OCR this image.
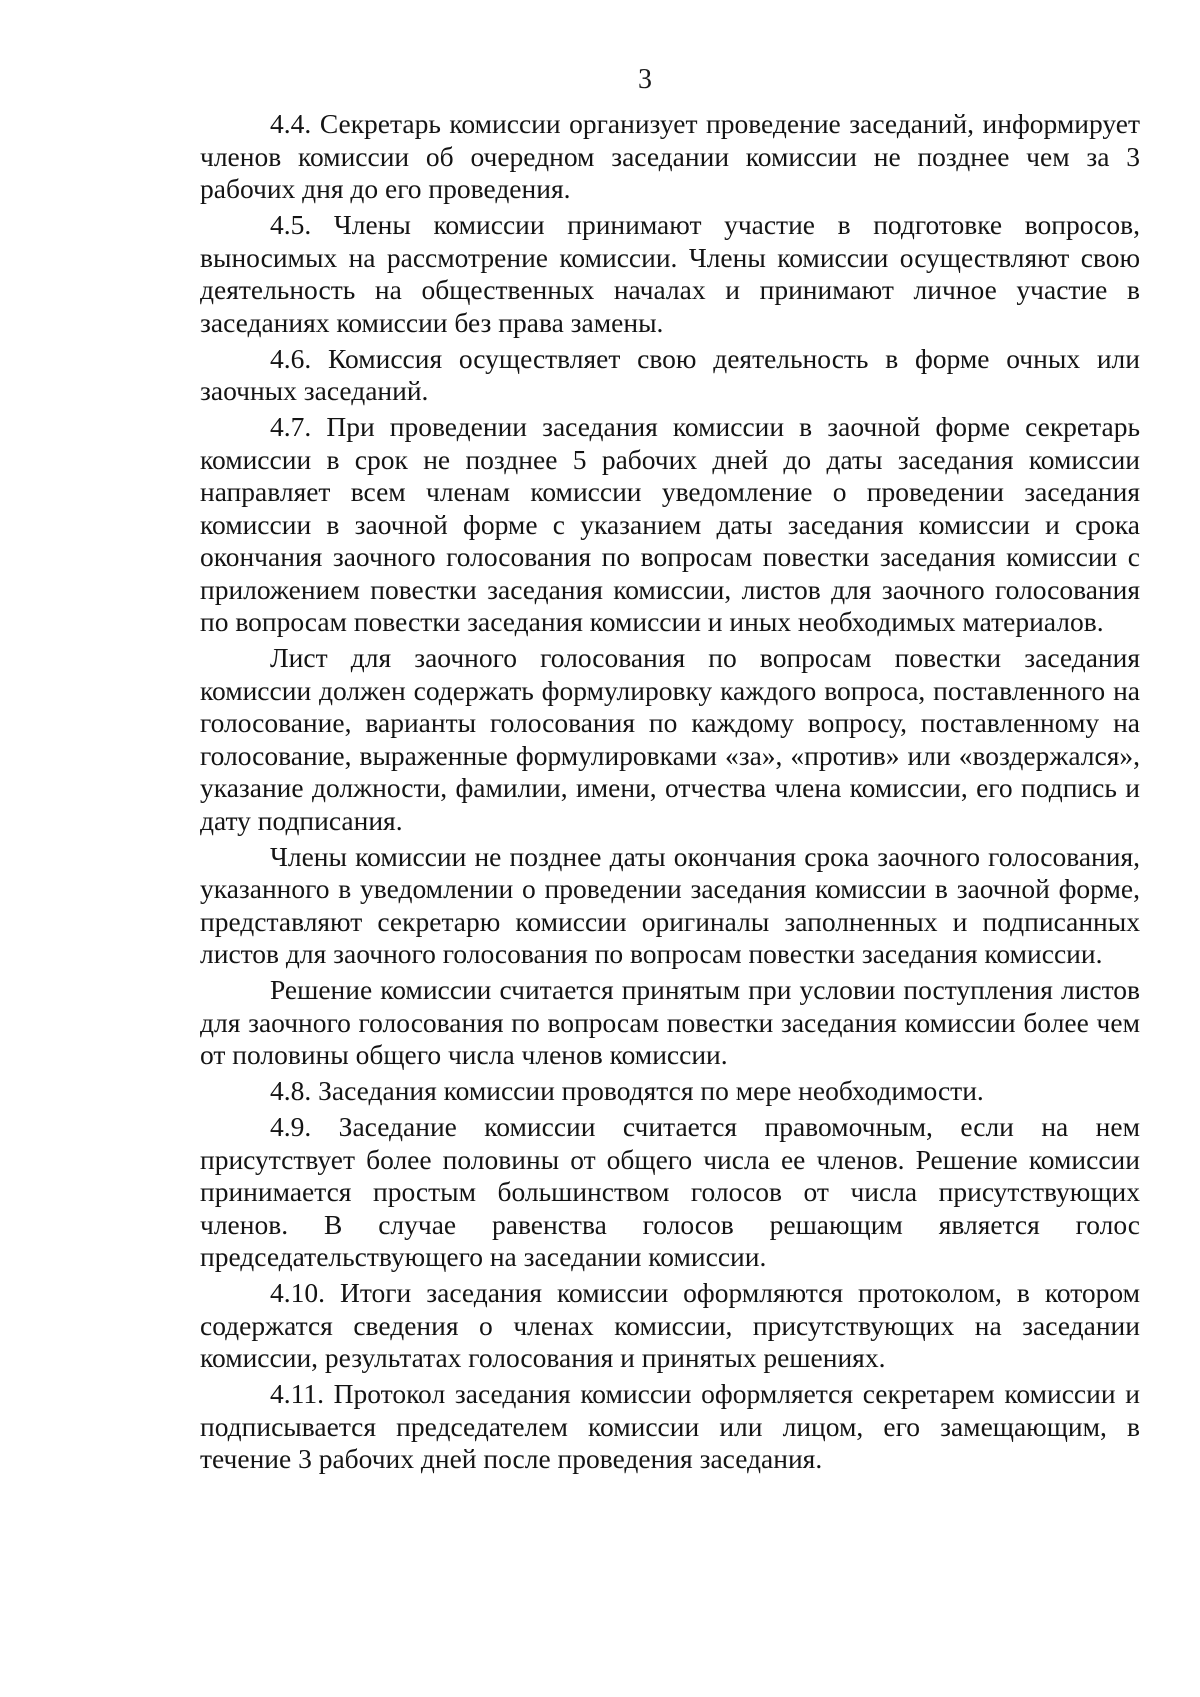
3

4.4. Секретарь комиссии организует проведение заседаний, информирует членов комиссии об очередном заседании комиссии не позднее чем за 3 рабочих дня до его проведения.

4.5. Члены комиссии принимают участие в подготовке вопросов, выносимых на рассмотрение комиссии. Члены комиссии осуществляют свою деятельность на общественных началах и принимают личное участие в заседаниях комиссии без права замены.

4.6. Комиссия осуществляет свою деятельность в форме очных или заочных заседаний.

4.7. При проведении заседания комиссии в заочной форме секретарь комиссии в срок не позднее 5 рабочих дней до даты заседания комиссии направляет всем членам комиссии уведомление о проведении заседания комиссии в заочной форме с указанием даты заседания комиссии и срока окончания заочного голосования по вопросам повестки заседания комиссии с приложением повестки заседания комиссии, листов для заочного голосования по вопросам повестки заседания комиссии и иных необходимых материалов.

Лист для заочного голосования по вопросам повестки заседания комиссии должен содержать формулировку каждого вопроса, поставленного на голосование, варианты голосования по каждому вопросу, поставленному на голосование, выраженные формулировками «за», «против» или «воздержался», указание должности, фамилии, имени, отчества члена комиссии, его подпись и дату подписания.

Члены комиссии не позднее даты окончания срока заочного голосования, указанного в уведомлении о проведении заседания комиссии в заочной форме, представляют секретарю комиссии оригиналы заполненных и подписанных листов для заочного голосования по вопросам повестки заседания комиссии.

Решение комиссии считается принятым при условии поступления листов для заочного голосования по вопросам повестки заседания комиссии более чем от половины общего числа членов комиссии.

4.8. Заседания комиссии проводятся по мере необходимости.

4.9. Заседание комиссии считается правомочным, если на нем присутствует более половины от общего числа ее членов. Решение комиссии принимается простым большинством голосов от числа присутствующих членов. В случае равенства голосов решающим является голос председательствующего на заседании комиссии.

4.10. Итоги заседания комиссии оформляются протоколом, в котором содержатся сведения о членах комиссии, присутствующих на заседании комиссии, результатах голосования и принятых решениях.

4.11. Протокол заседания комиссии оформляется секретарем комиссии и подписывается председателем комиссии или лицом, его замещающим, в течение 3 рабочих дней после проведения заседания.
